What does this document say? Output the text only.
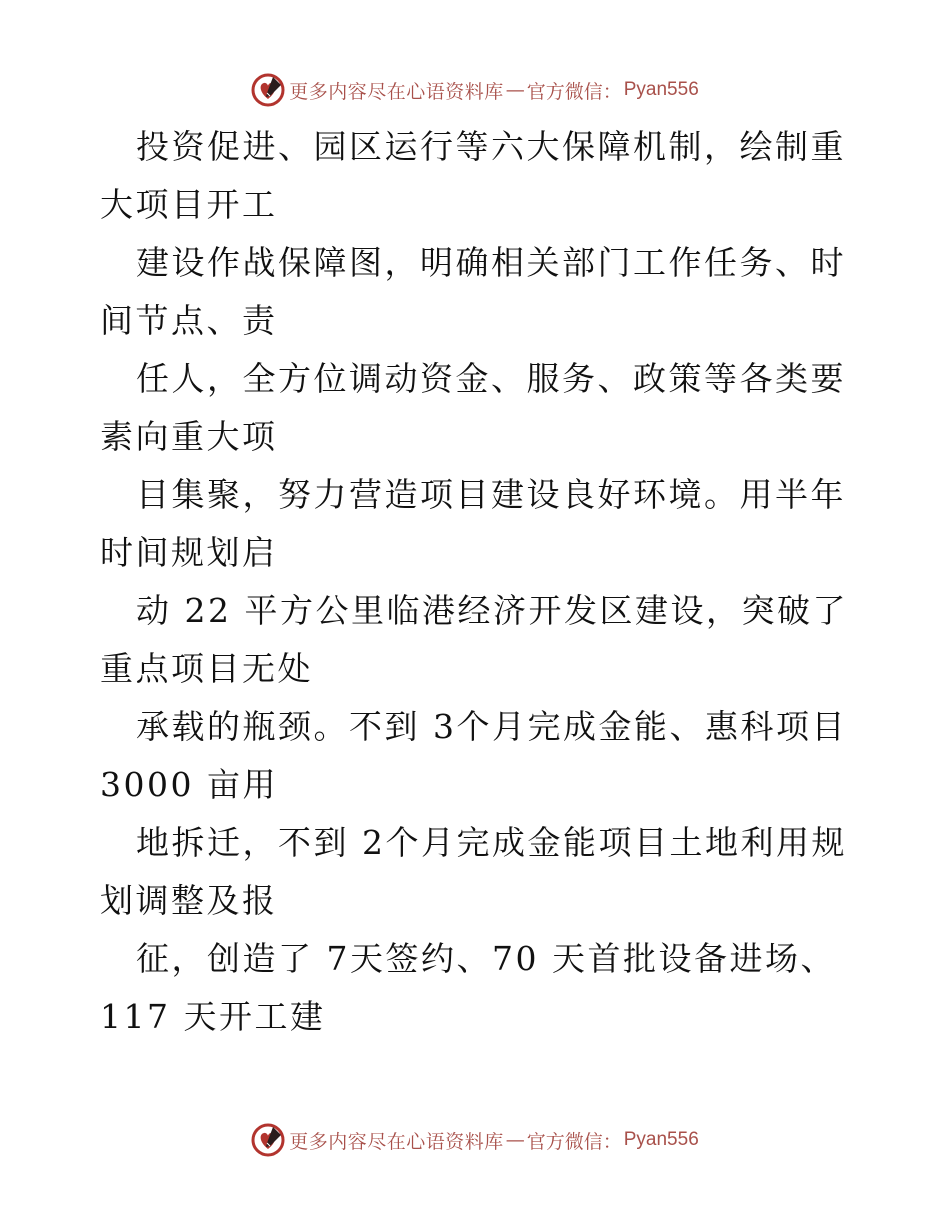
更多内容尽在心语资料库 — 官方微信： Pyan556

投资促进、园区运行等六大保障机制，绘制重大项目开工

建设作战保障图，明确相关部门工作任务、时间节点、责

任人，全方位调动资金、服务、政策等各类要素向重大项

目集聚，努力营造项目建设良好环境。用半年时间规划启

动 22 平方公里临港经济开发区建设，突破了重点项目无处

承载的瓶颈。不到 3个月完成金能、惠科项目 3000 亩用

地拆迁，不到 2个月完成金能项目土地利用规划调整及报

征，创造了 7天签约、70 天首批设备进场、117 天开工建

更多内容尽在心语资料库 — 官方微信： Pyan556
